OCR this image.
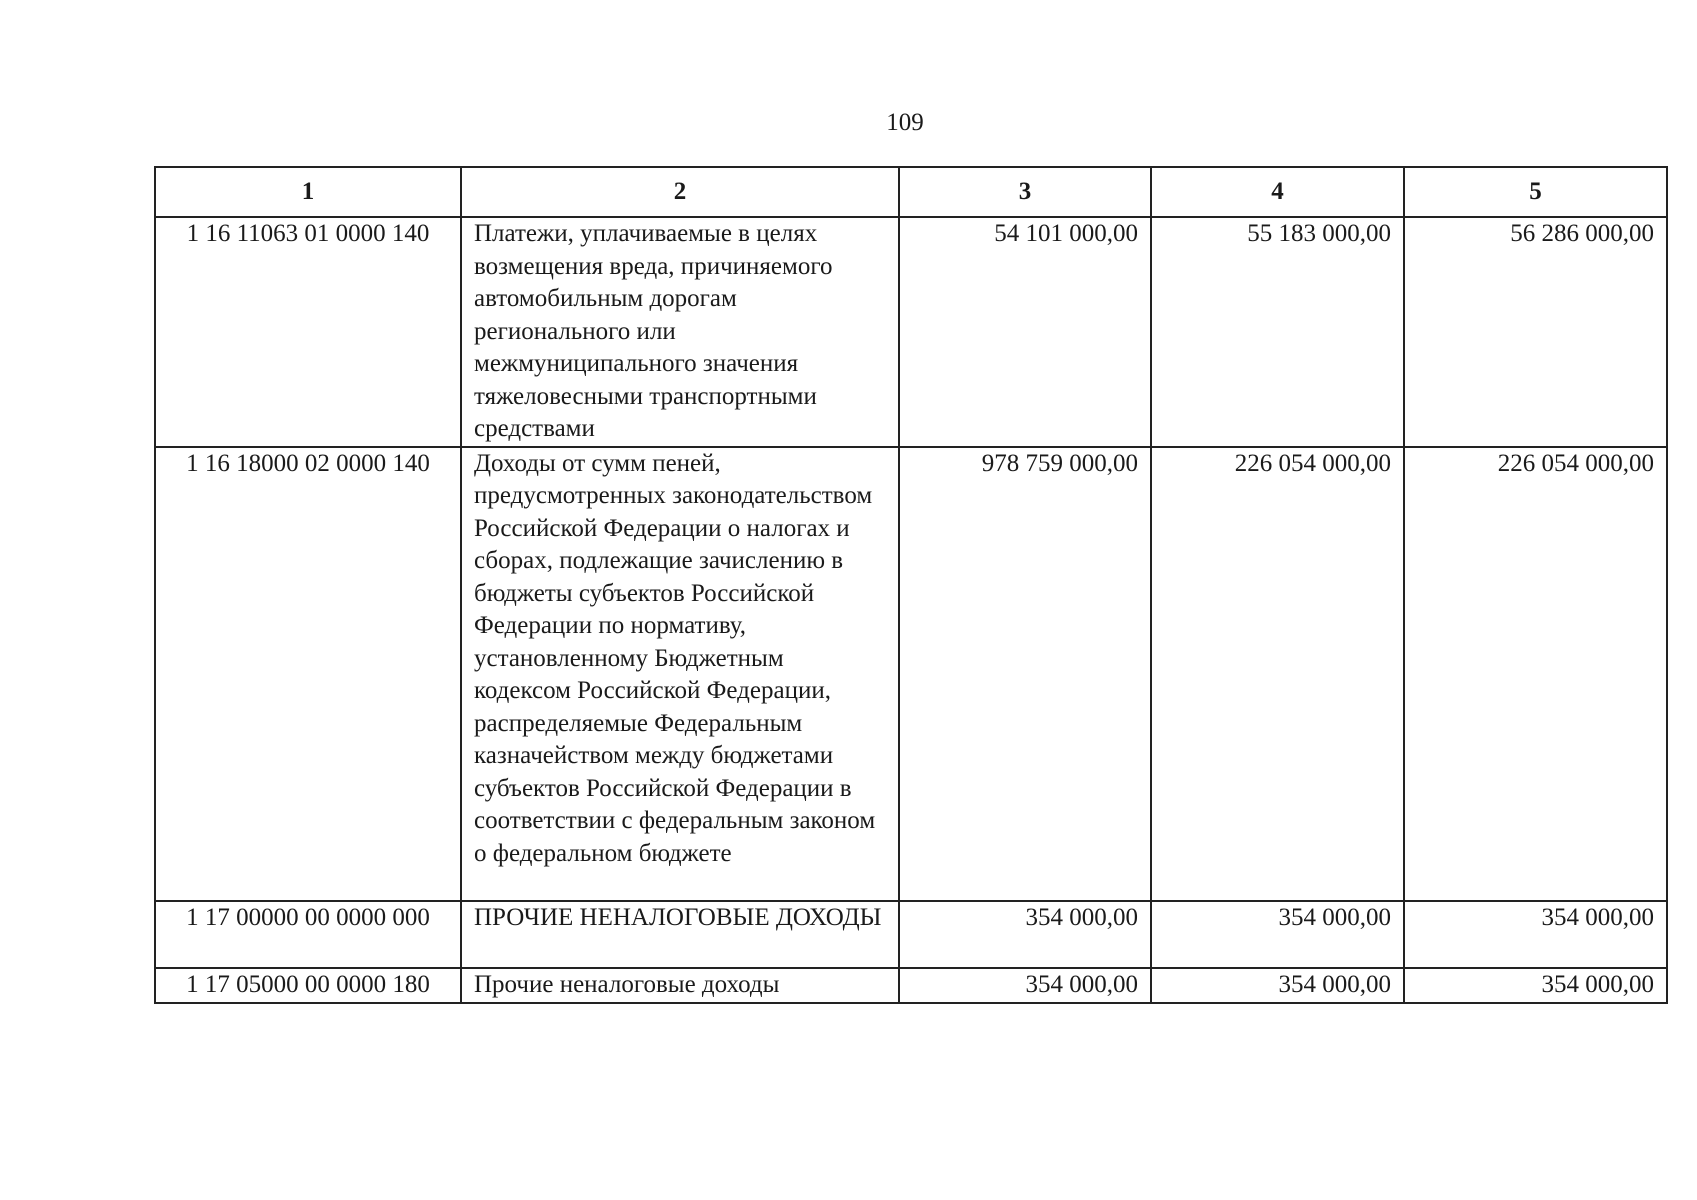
109
1	2	3	4	5
1 16 11063 01 0000 140	Платежи, уплачиваемые в целях возмещения вреда, причиняемого автомобильным дорогам регионального или межмуниципального значения тяжеловесными транспортными средствами	54 101 000,00	55 183 000,00	56 286 000,00
1 16 18000 02 0000 140	Доходы от сумм пеней, предусмотренных законодательством Российской Федерации о налогах и сборах, подлежащие зачислению в бюджеты субъектов Российской Федерации по нормативу, установленному Бюджетным кодексом Российской Федерации, распределяемые Федеральным казначейством между бюджетами субъектов Российской Федерации в соответствии с федеральным законом о федеральном бюджете	978 759 000,00	226 054 000,00	226 054 000,00
1 17 00000 00 0000 000	ПРОЧИЕ НЕНАЛОГОВЫЕ ДОХОДЫ	354 000,00	354 000,00	354 000,00
1 17 05000 00 0000 180	Прочие неналоговые доходы	354 000,00	354 000,00	354 000,00
